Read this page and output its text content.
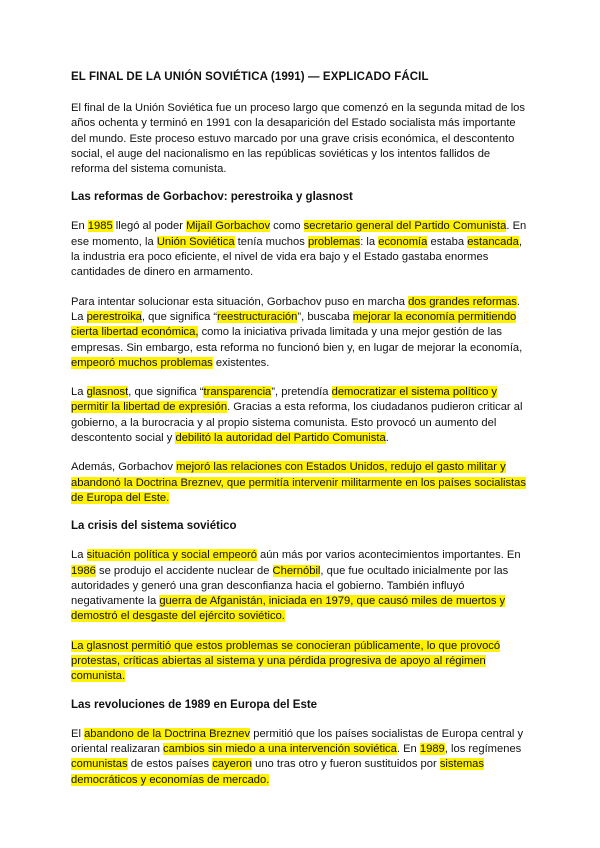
EL FINAL DE LA UNIÓN SOVIÉTICA (1991) — EXPLICADO FÁCIL

El final de la Unión Soviética fue un proceso largo que comenzó en la segunda mitad de los años ochenta y terminó en 1991 con la desaparición del Estado socialista más importante del mundo. Este proceso estuvo marcado por una grave crisis económica, el descontento social, el auge del nacionalismo en las repúblicas soviéticas y los intentos fallidos de reforma del sistema comunista.

Las reformas de Gorbachov: perestroika y glasnost

En 1985 llegó al poder Mijaíl Gorbachov como secretario general del Partido Comunista. En ese momento, la Unión Soviética tenía muchos problemas: la economía estaba estancada, la industria era poco eficiente, el nivel de vida era bajo y el Estado gastaba enormes cantidades de dinero en armamento.

Para intentar solucionar esta situación, Gorbachov puso en marcha dos grandes reformas. La perestroika, que significa “reestructuración”, buscaba mejorar la economía permitiendo cierta libertad económica, como la iniciativa privada limitada y una mejor gestión de las empresas. Sin embargo, esta reforma no funcionó bien y, en lugar de mejorar la economía, empeoró muchos problemas existentes.

La glasnost, que significa “transparencia”, pretendía democratizar el sistema político y permitir la libertad de expresión. Gracias a esta reforma, los ciudadanos pudieron criticar al gobierno, a la burocracia y al propio sistema comunista. Esto provocó un aumento del descontento social y debilitó la autoridad del Partido Comunista.

Además, Gorbachov mejoró las relaciones con Estados Unidos, redujo el gasto militar y abandonó la Doctrina Breznev, que permitía intervenir militarmente en los países socialistas de Europa del Este.

La crisis del sistema soviético

La situación política y social empeoró aún más por varios acontecimientos importantes. En 1986 se produjo el accidente nuclear de Chernóbil, que fue ocultado inicialmente por las autoridades y generó una gran desconfianza hacia el gobierno. También influyó negativamente la guerra de Afganistán, iniciada en 1979, que causó miles de muertos y demostró el desgaste del ejército soviético.

La glasnost permitió que estos problemas se conocieran públicamente, lo que provocó protestas, críticas abiertas al sistema y una pérdida progresiva de apoyo al régimen comunista.

Las revoluciones de 1989 en Europa del Este

El abandono de la Doctrina Breznev permitió que los países socialistas de Europa central y oriental realizaran cambios sin miedo a una intervención soviética. En 1989, los regímenes comunistas de estos países cayeron uno tras otro y fueron sustituidos por sistemas democráticos y economías de mercado.
